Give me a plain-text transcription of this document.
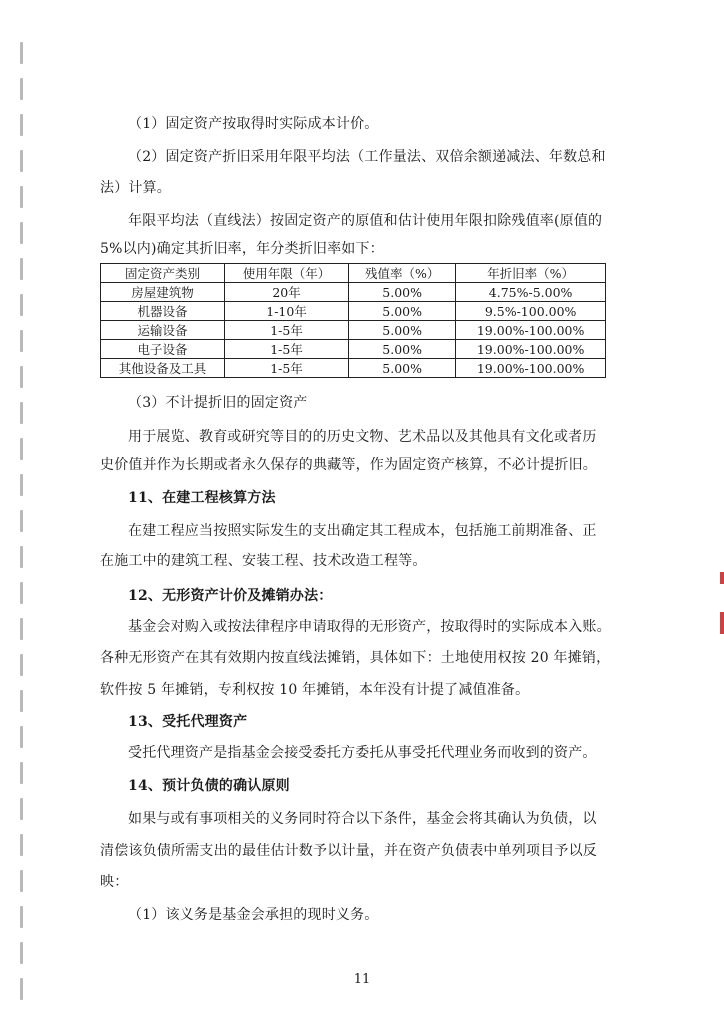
（1）固定资产按取得时实际成本计价。
（2）固定资产折旧采用年限平均法（工作量法、双倍余额递减法、年数总和
法）计算。
年限平均法（直线法）按固定资产的原值和估计使用年限扣除残值率(原值的
5%以内)确定其折旧率，年分类折旧率如下：
固定资产类别	使用年限（年）	残值率（%）	年折旧率（%）
房屋建筑物	20年	5.00%	4.75%-5.00%
机器设备	1-10年	5.00%	9.5%-100.00%
运输设备	1-5年	5.00%	19.00%-100.00%
电子设备	1-5年	5.00%	19.00%-100.00%
其他设备及工具	1-5年	5.00%	19.00%-100.00%
（3）不计提折旧的固定资产
用于展览、教育或研究等目的的历史文物、艺术品以及其他具有文化或者历
史价值并作为长期或者永久保存的典藏等，作为固定资产核算，不必计提折旧。
11、在建工程核算方法
在建工程应当按照实际发生的支出确定其工程成本，包括施工前期准备、正
在施工中的建筑工程、安装工程、技术改造工程等。
12、无形资产计价及摊销办法：
基金会对购入或按法律程序申请取得的无形资产，按取得时的实际成本入账。
各种无形资产在其有效期内按直线法摊销，具体如下：土地使用权按 20 年摊销，
软件按 5 年摊销，专利权按 10 年摊销，本年没有计提了减值准备。
13、受托代理资产
受托代理资产是指基金会接受委托方委托从事受托代理业务而收到的资产。
14、预计负债的确认原则
如果与或有事项相关的义务同时符合以下条件，基金会将其确认为负债，以
清偿该负债所需支出的最佳估计数予以计量，并在资产负债表中单列项目予以反
映：
（1）该义务是基金会承担的现时义务。
11
